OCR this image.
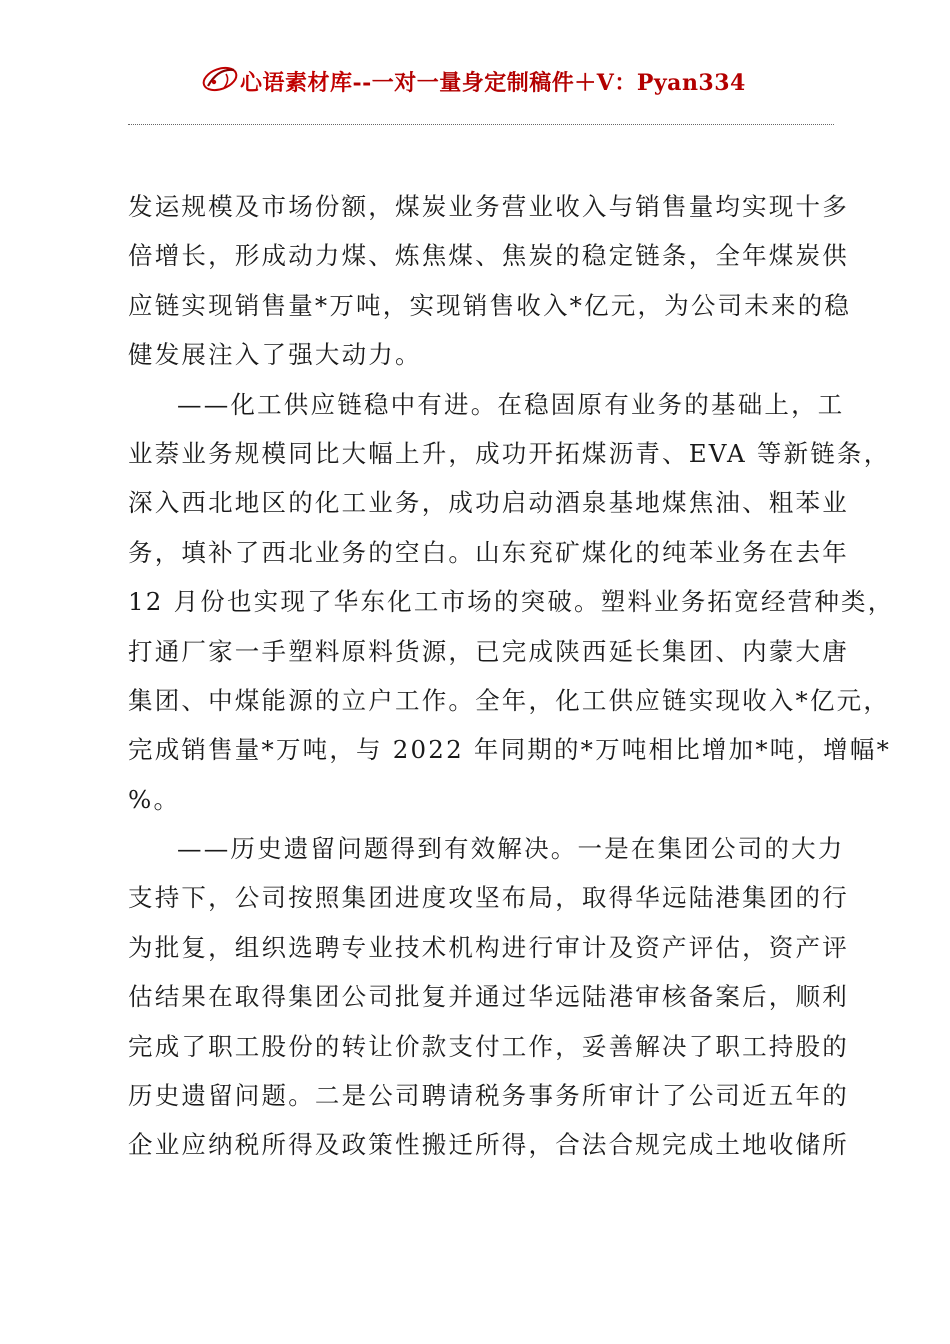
心语素材库--一对一量身定制稿件＋V：Pyan334
发运规模及市场份额，煤炭业务营业收入与销售量均实现十多
倍增长，形成动力煤、炼焦煤、焦炭的稳定链条，全年煤炭供
应链实现销售量*万吨，实现销售收入*亿元，为公司未来的稳
健发展注入了强大动力。
——化工供应链稳中有进。在稳固原有业务的基础上，工
业萘业务规模同比大幅上升，成功开拓煤沥青、EVA 等新链条，
深入西北地区的化工业务，成功启动酒泉基地煤焦油、粗苯业
务，填补了西北业务的空白。山东兖矿煤化的纯苯业务在去年
12 月份也实现了华东化工市场的突破。塑料业务拓宽经营种类，
打通厂家一手塑料原料货源，已完成陕西延长集团、内蒙大唐
集团、中煤能源的立户工作。全年，化工供应链实现收入*亿元，
完成销售量*万吨，与 2022 年同期的*万吨相比增加*吨，增幅*
%。
——历史遗留问题得到有效解决。一是在集团公司的大力
支持下，公司按照集团进度攻坚布局，取得华远陆港集团的行
为批复，组织选聘专业技术机构进行审计及资产评估，资产评
估结果在取得集团公司批复并通过华远陆港审核备案后，顺利
完成了职工股份的转让价款支付工作，妥善解决了职工持股的
历史遗留问题。二是公司聘请税务事务所审计了公司近五年的
企业应纳税所得及政策性搬迁所得，合法合规完成土地收储所
